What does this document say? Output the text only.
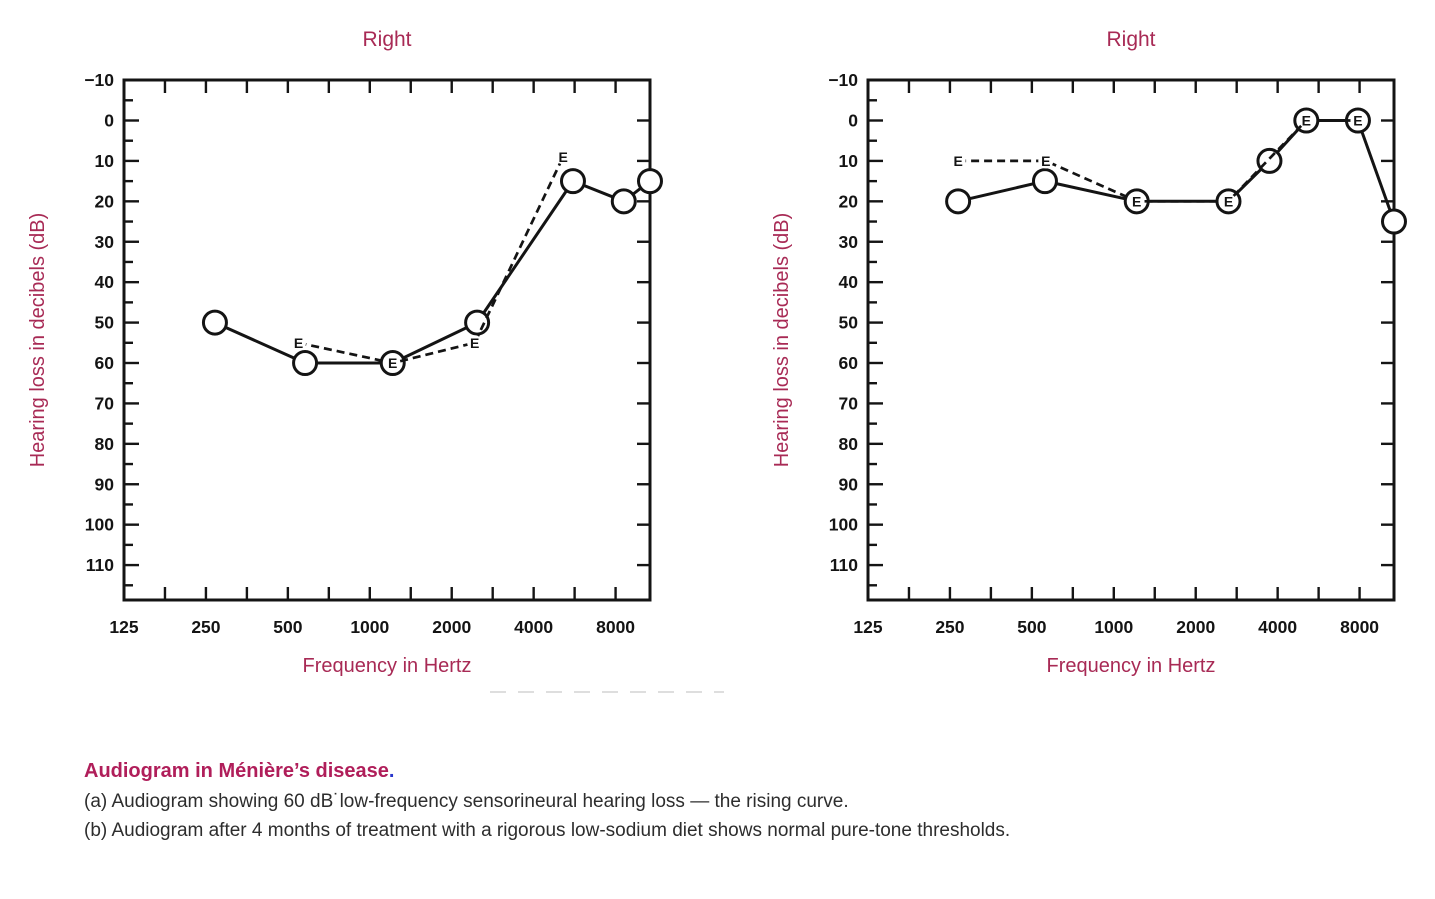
125	250	500	1000 2000 4000 8000
−10
0
10
20
30
40
50
60
70
80
90
100
110
Right
Frequency in Hertz
Hearing loss in decibels (dB)	E
E
E
E
125	250	500	1000 2000 4000 8000
−10
0
10
20
30
40
50
60
70
80
90
100
110
Right
Frequency in Hertz
Hearing loss in decibels (dB)
E	E
E	E
E	E
Audiogram in Ménière’s disease.
(a) Audiogram showing 60 dB˙low-frequency sensorineural hearing loss — the rising curve.
(b) Audiogram after 4 months of treatment with a rigorous low-sodium diet shows normal pure-tone thresholds.
